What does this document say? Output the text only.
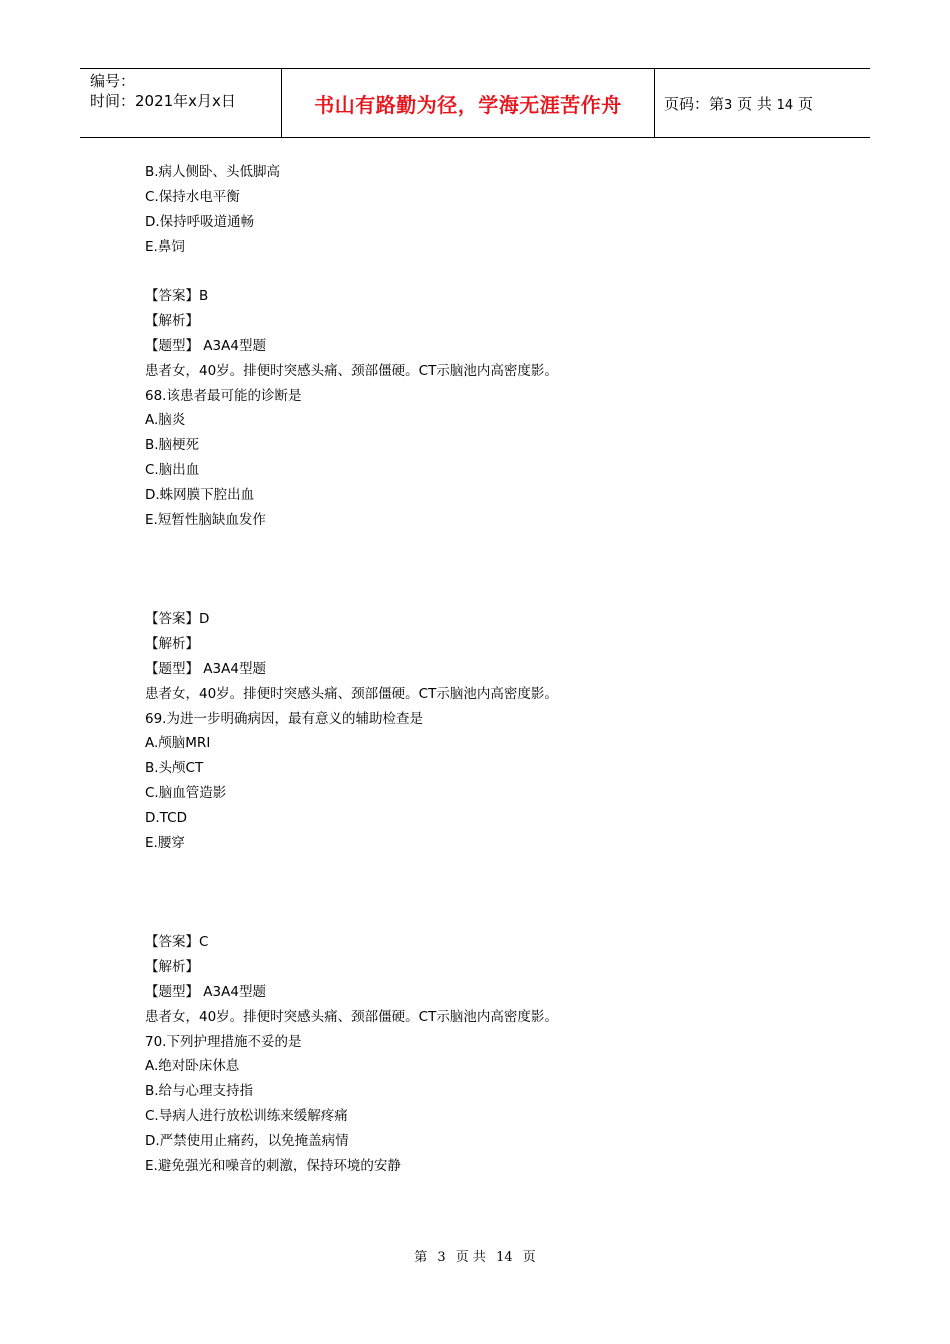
编号：
时间：2021年x月x日	书山有路勤为径，学海无涯苦作舟	页码：第3 页 共 14 页
B.病人侧卧、头低脚高
C.保持水电平衡
D.保持呼吸道通畅
E.鼻饲
【答案】B
【解析】
【题型】 A3A4型题
患者女，40岁。排便时突感头痛、颈部僵硬。CT示脑池内高密度影。
68.该患者最可能的诊断是
A.脑炎
B.脑梗死
C.脑出血
D.蛛网膜下腔出血
E.短暂性脑缺血发作
【答案】D
【解析】
【题型】 A3A4型题
患者女，40岁。排便时突感头痛、颈部僵硬。CT示脑池内高密度影。
69.为进一步明确病因，最有意义的辅助检查是
A.颅脑MRI
B.头颅CT
C.脑血管造影
D.TCD
E.腰穿
【答案】C
【解析】
【题型】 A3A4型题
患者女，40岁。排便时突感头痛、颈部僵硬。CT示脑池内高密度影。
70.下列护理措施不妥的是
A.绝对卧床休息
B.给与心理支持指
C.导病人进行放松训练来缓解疼痛
D.严禁使用止痛药，以免掩盖病情
E.避免强光和噪音的刺激，保持环境的安静
第 3 页 共 14 页
